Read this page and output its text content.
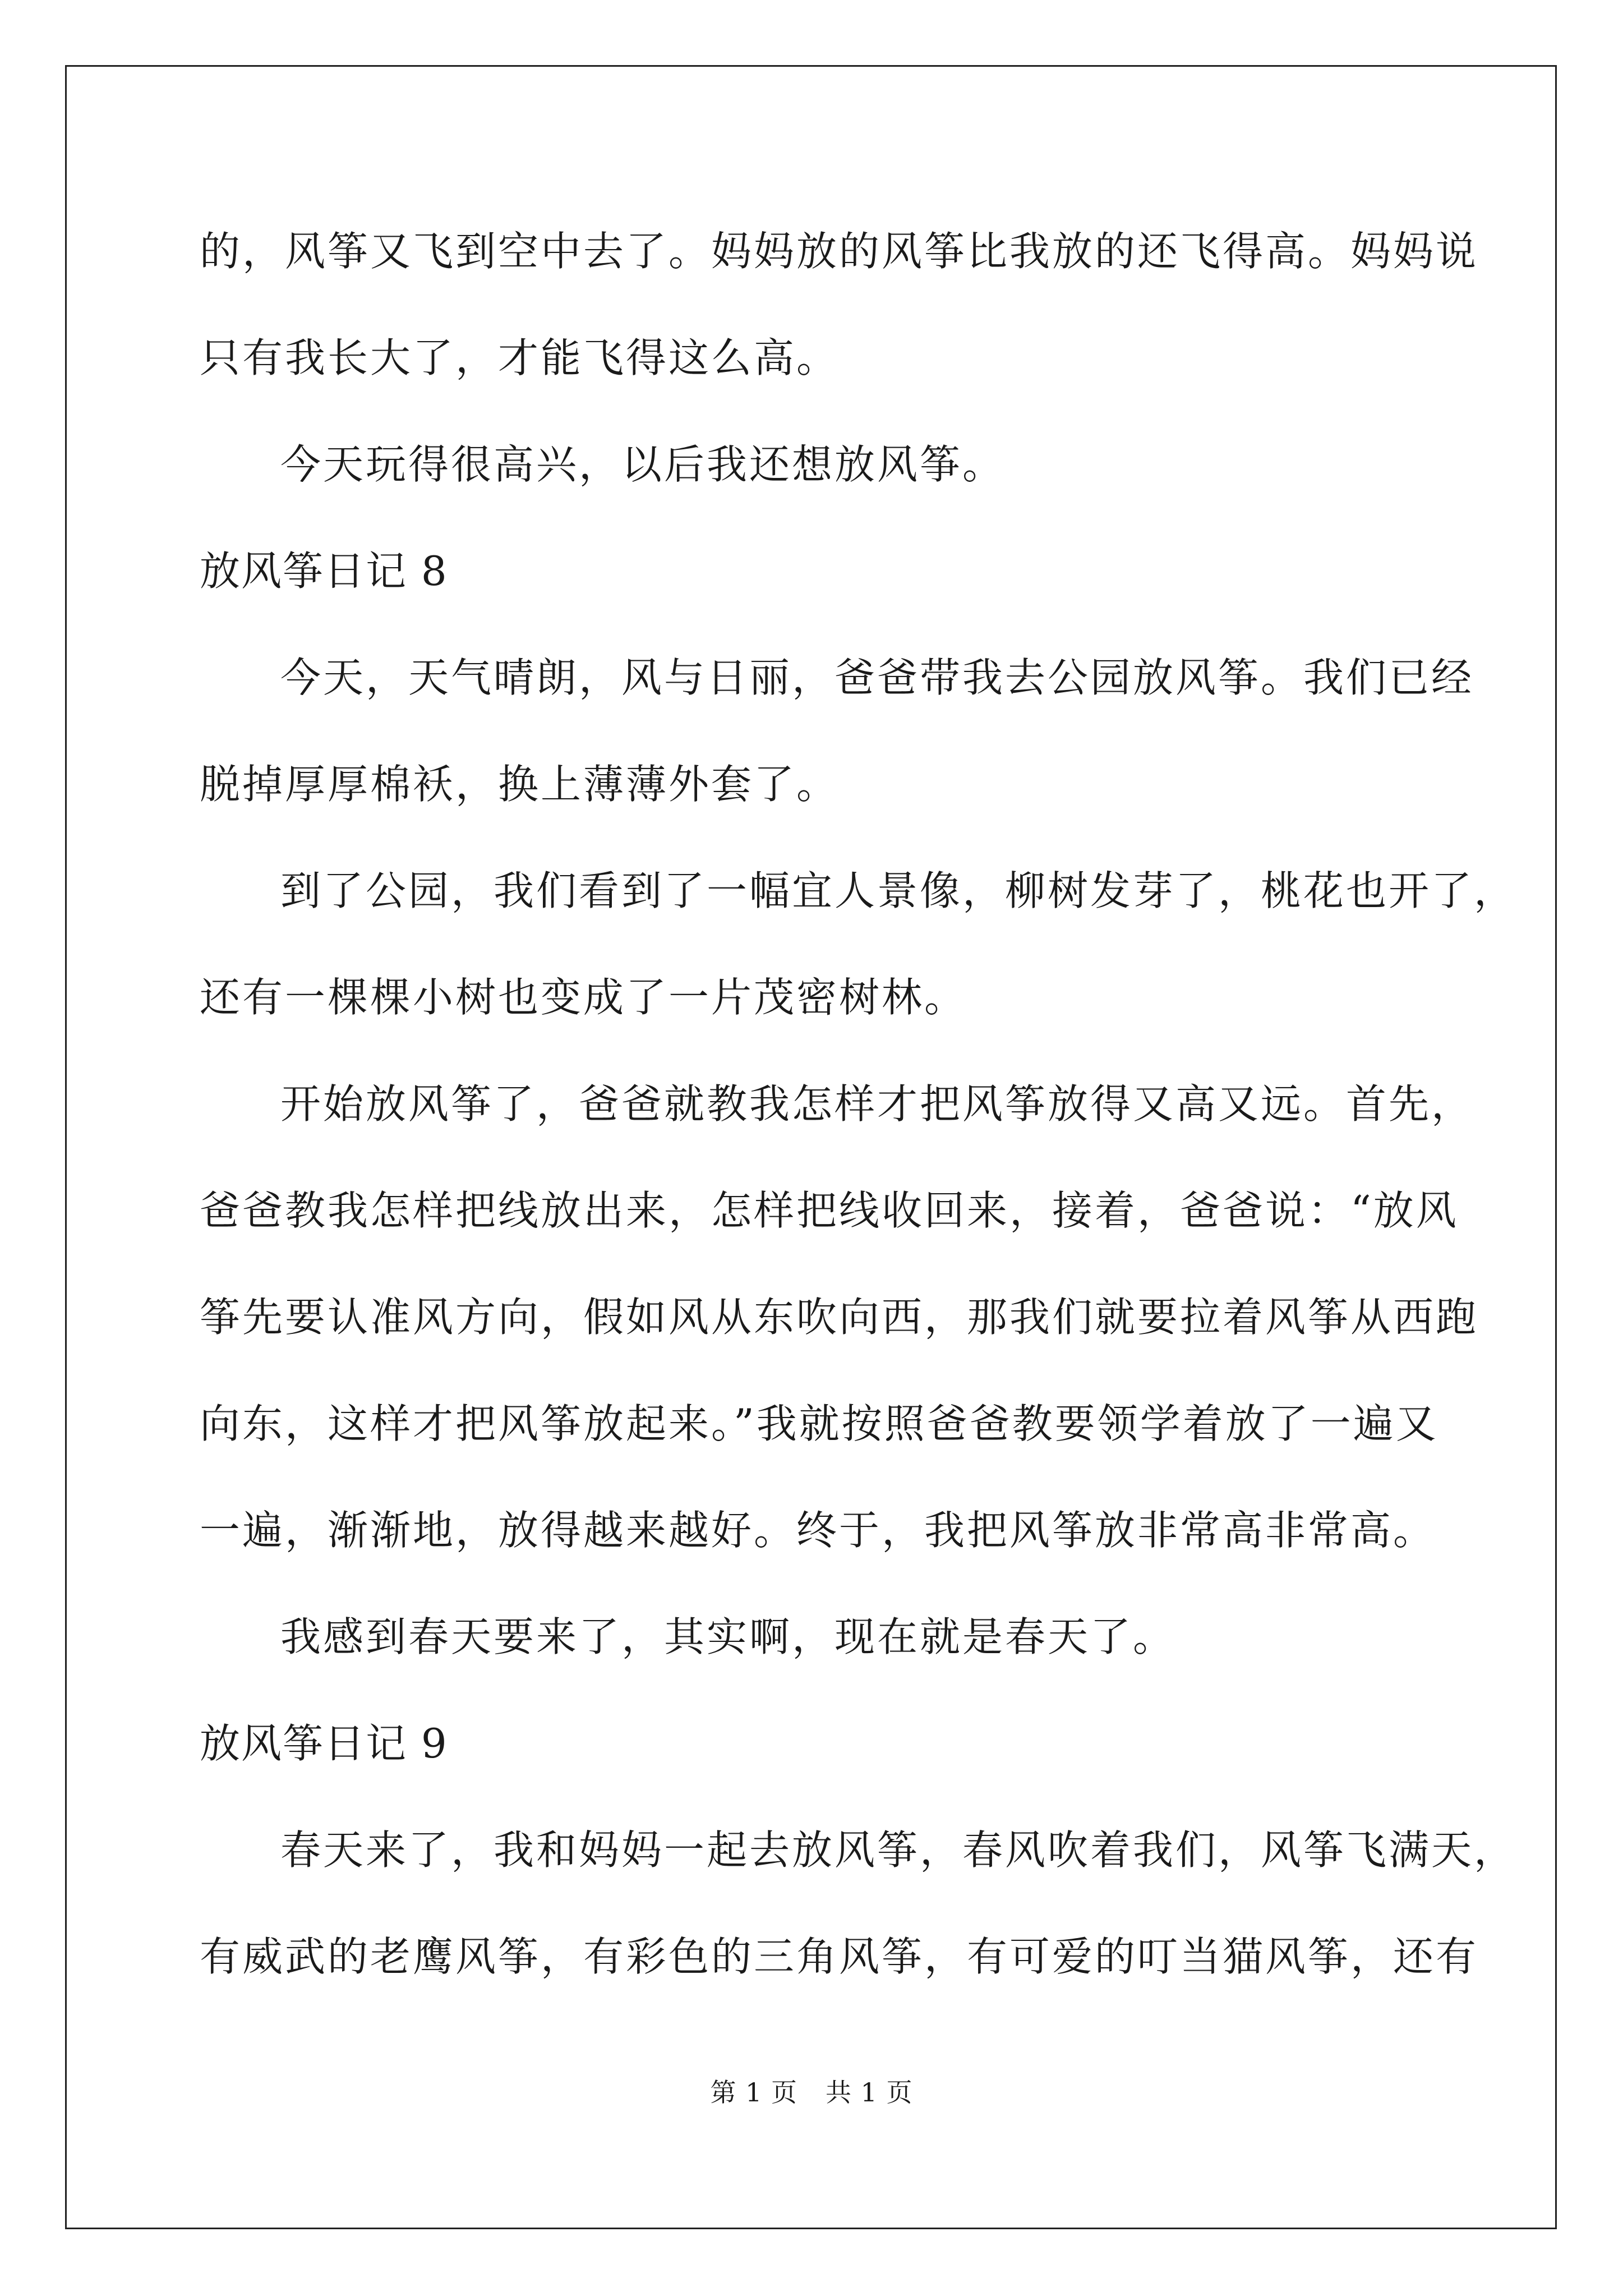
的，风筝又飞到空中去了。妈妈放的风筝比我放的还飞得高。妈妈说
只有我长大了，才能飞得这么高。
今天玩得很高兴，以后我还想放风筝。
放风筝日记 8
今天，天气晴朗，风与日丽，爸爸带我去公园放风筝。我们已经
脱掉厚厚棉袄，换上薄薄外套了。
到了公园，我们看到了一幅宜人景像，柳树发芽了，桃花也开了，
还有一棵棵小树也变成了一片茂密树林。
开始放风筝了，爸爸就教我怎样才把风筝放得又高又远。首先，
爸爸教我怎样把线放出来，怎样把线收回来，接着，爸爸说：“放风
筝先要认准风方向，假如风从东吹向西，那我们就要拉着风筝从西跑
向东，这样才把风筝放起来。”我就按照爸爸教要领学着放了一遍又
一遍，渐渐地，放得越来越好。终于，我把风筝放非常高非常高。
我感到春天要来了，其实啊，现在就是春天了。
放风筝日记 9
春天来了，我和妈妈一起去放风筝，春风吹着我们，风筝飞满天，
有威武的老鹰风筝，有彩色的三角风筝，有可爱的叮当猫风筝，还有
第 1 页 共 1 页
